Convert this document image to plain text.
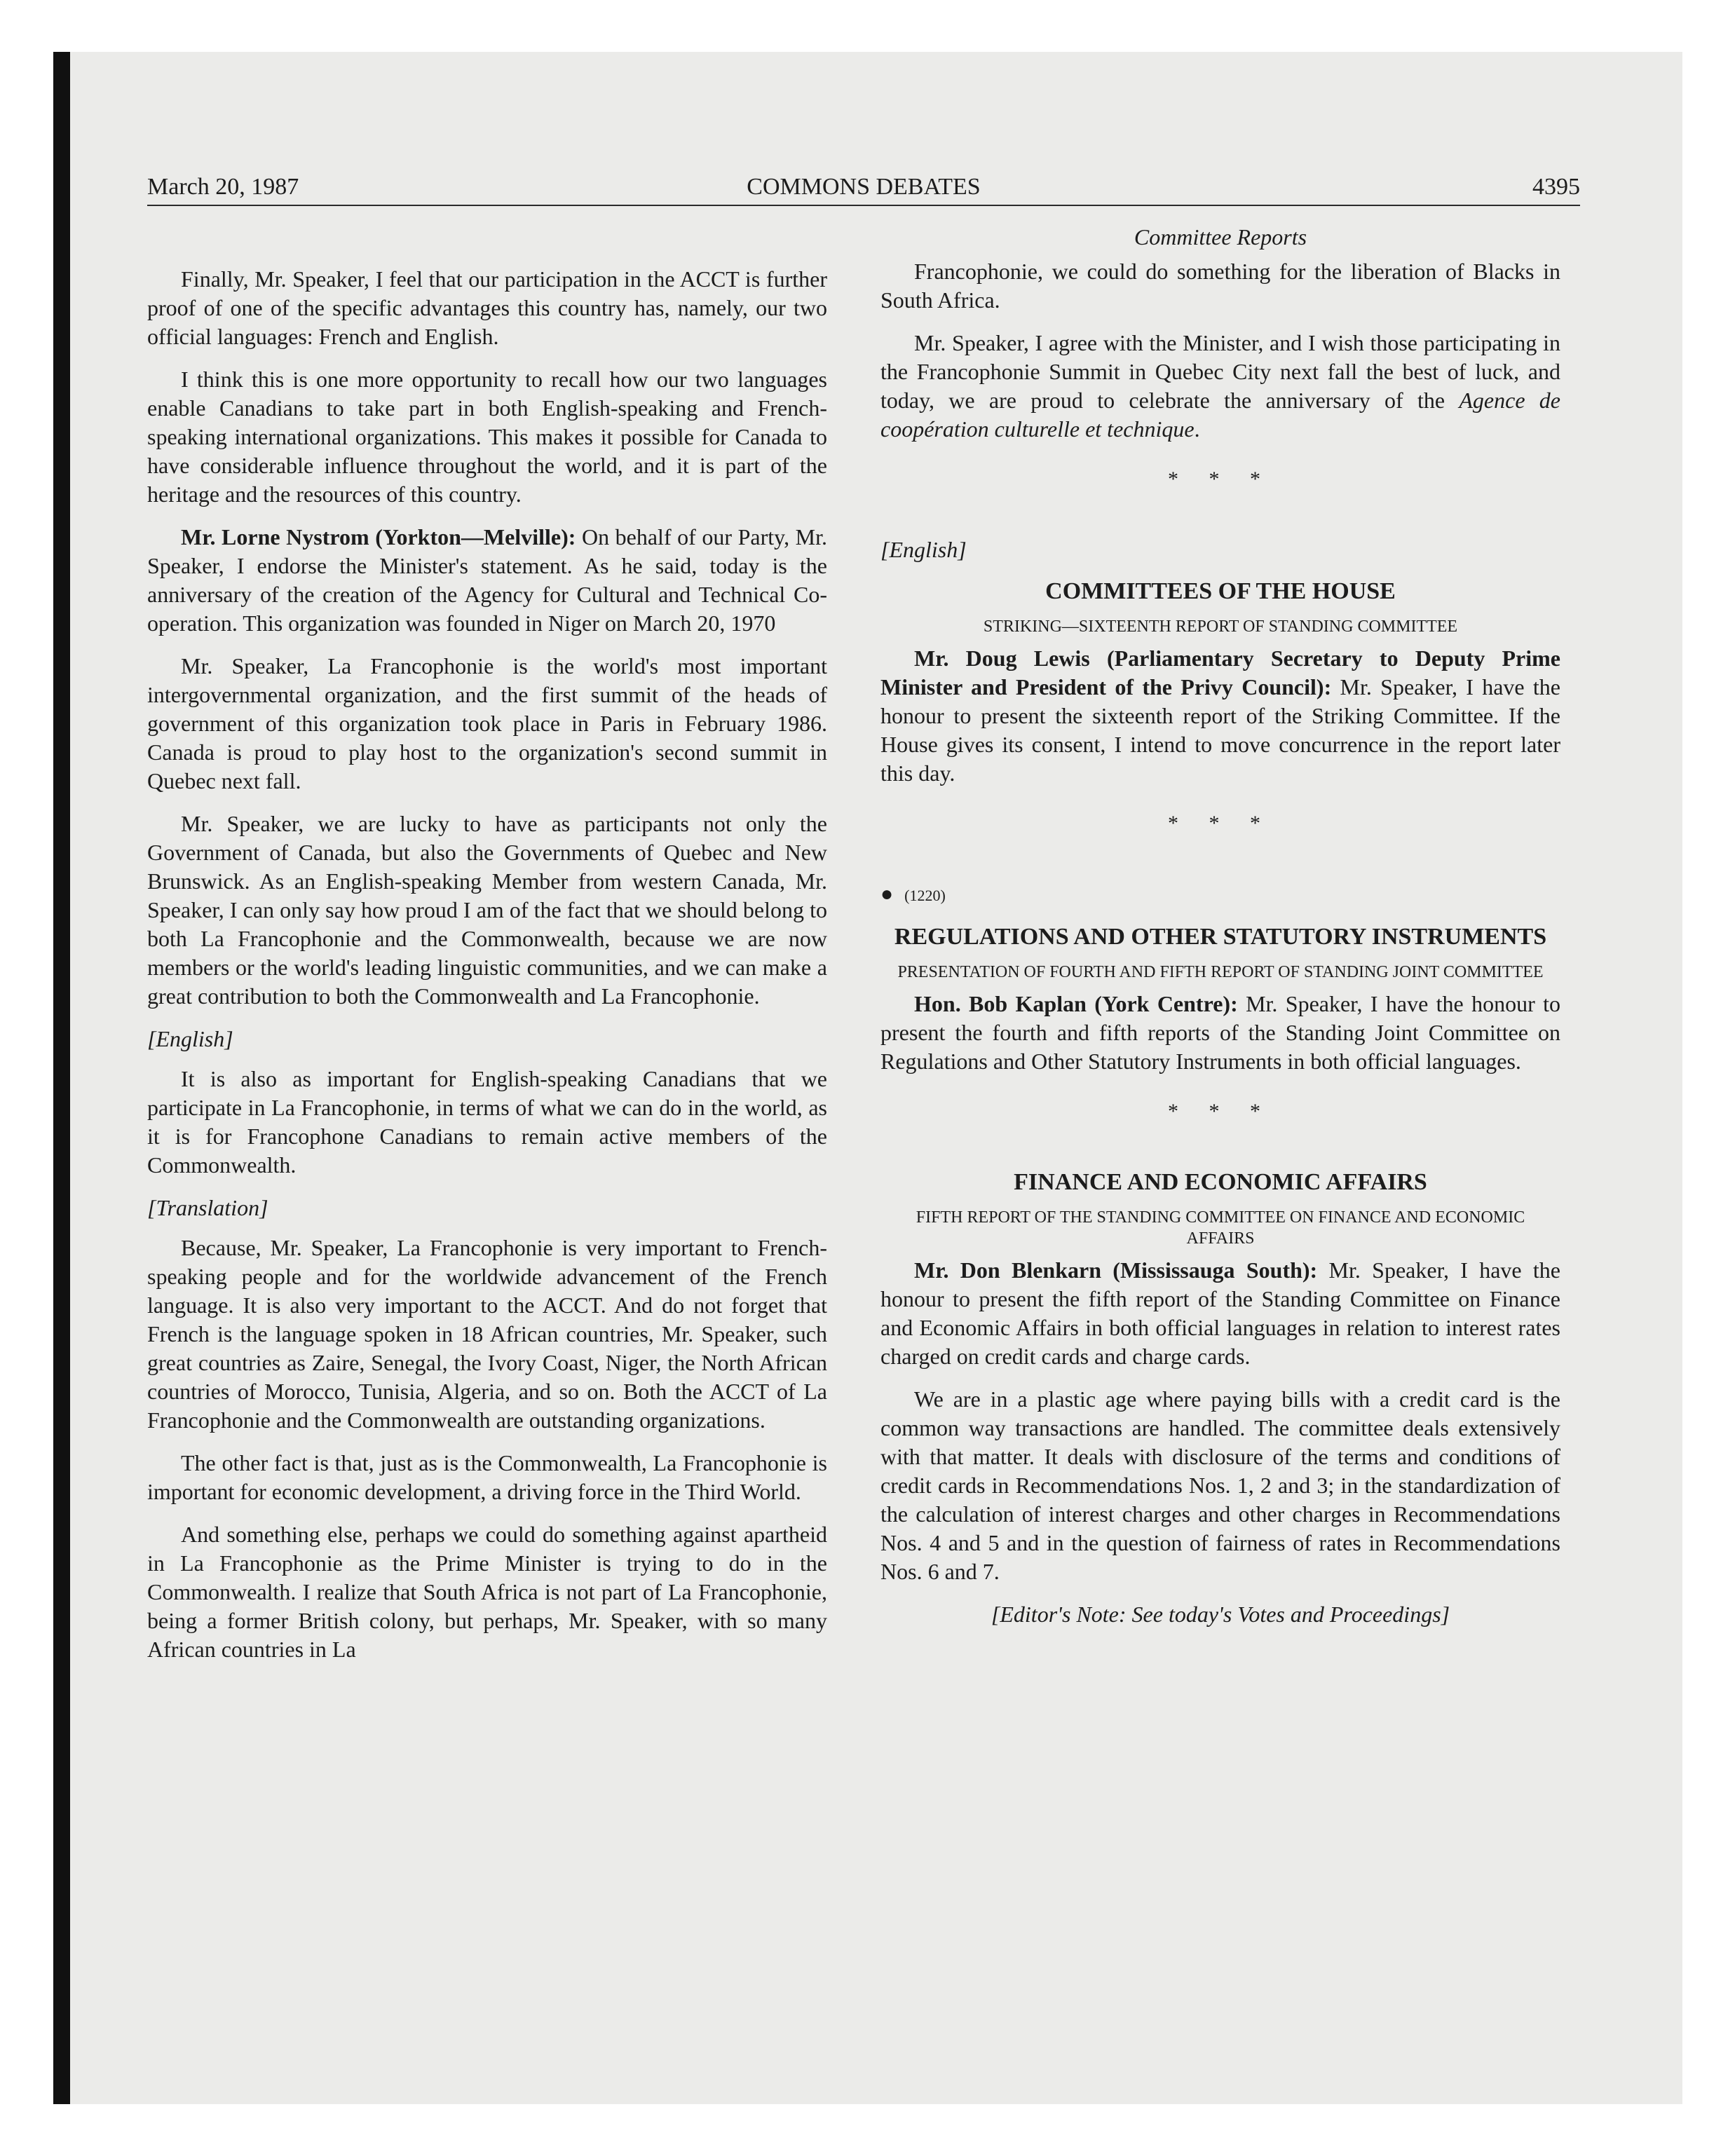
March 20, 1987	COMMONS DEBATES	4395

Finally, Mr. Speaker, I feel that our participation in the ACCT is further proof of one of the specific advantages this country has, namely, our two official languages: French and English.

I think this is one more opportunity to recall how our two languages enable Canadians to take part in both English-speaking and French-speaking international organizations. This makes it possible for Canada to have considerable influence throughout the world, and it is part of the heritage and the resources of this country.

Mr. Lorne Nystrom (Yorkton—Melville): On behalf of our Party, Mr. Speaker, I endorse the Minister's statement. As he said, today is the anniversary of the creation of the Agency for Cultural and Technical Co-operation. This organization was founded in Niger on March 20, 1970

Mr. Speaker, La Francophonie is the world's most important intergovernmental organization, and the first summit of the heads of government of this organization took place in Paris in February 1986. Canada is proud to play host to the organization's second summit in Quebec next fall.

Mr. Speaker, we are lucky to have as participants not only the Government of Canada, but also the Governments of Quebec and New Brunswick. As an English-speaking Member from western Canada, Mr. Speaker, I can only say how proud I am of the fact that we should belong to both La Francophonie and the Commonwealth, because we are now members or the world's leading linguistic communities, and we can make a great contribution to both the Commonwealth and La Francophonie.

[English]

It is also as important for English-speaking Canadians that we participate in La Francophonie, in terms of what we can do in the world, as it is for Francophone Canadians to remain active members of the Commonwealth.

[Translation]

Because, Mr. Speaker, La Francophonie is very important to French-speaking people and for the worldwide advancement of the French language. It is also very important to the ACCT. And do not forget that French is the language spoken in 18 African countries, Mr. Speaker, such great countries as Zaire, Senegal, the Ivory Coast, Niger, the North African countries of Morocco, Tunisia, Algeria, and so on. Both the ACCT of La Francophonie and the Commonwealth are outstanding organizations.

The other fact is that, just as is the Commonwealth, La Francophonie is important for economic development, a driving force in the Third World.

And something else, perhaps we could do something against apartheid in La Francophonie as the Prime Minister is trying to do in the Commonwealth. I realize that South Africa is not part of La Francophonie, being a former British colony, but perhaps, Mr. Speaker, with so many African countries in La

Committee Reports

Francophonie, we could do something for the liberation of Blacks in South Africa.

Mr. Speaker, I agree with the Minister, and I wish those participating in the Francophonie Summit in Quebec City next fall the best of luck, and today, we are proud to celebrate the anniversary of the Agence de coopération culturelle et technique.

* * *
[English]
COMMITTEES OF THE HOUSE
STRIKING—SIXTEENTH REPORT OF STANDING COMMITTEE

Mr. Doug Lewis (Parliamentary Secretary to Deputy Prime Minister and President of the Privy Council): Mr. Speaker, I have the honour to present the sixteenth report of the Striking Committee. If the House gives its consent, I intend to move concurrence in the report later this day.

* * *
● (1220)
REGULATIONS AND OTHER STATUTORY INSTRUMENTS
PRESENTATION OF FOURTH AND FIFTH REPORT OF STANDING JOINT COMMITTEE

Hon. Bob Kaplan (York Centre): Mr. Speaker, I have the honour to present the fourth and fifth reports of the Standing Joint Committee on Regulations and Other Statutory Instruments in both official languages.

* * *
FINANCE AND ECONOMIC AFFAIRS
FIFTH REPORT OF THE STANDING COMMITTEE ON FINANCE AND ECONOMIC AFFAIRS

Mr. Don Blenkarn (Mississauga South): Mr. Speaker, I have the honour to present the fifth report of the Standing Committee on Finance and Economic Affairs in both official languages in relation to interest rates charged on credit cards and charge cards.

We are in a plastic age where paying bills with a credit card is the common way transactions are handled. The committee deals extensively with that matter. It deals with disclosure of the terms and conditions of credit cards in Recommendations Nos. 1, 2 and 3; in the standardization of the calculation of interest charges and other charges in Recommendations Nos. 4 and 5 and in the question of fairness of rates in Recommendations Nos. 6 and 7.

[Editor's Note: See today's Votes and Proceedings]
